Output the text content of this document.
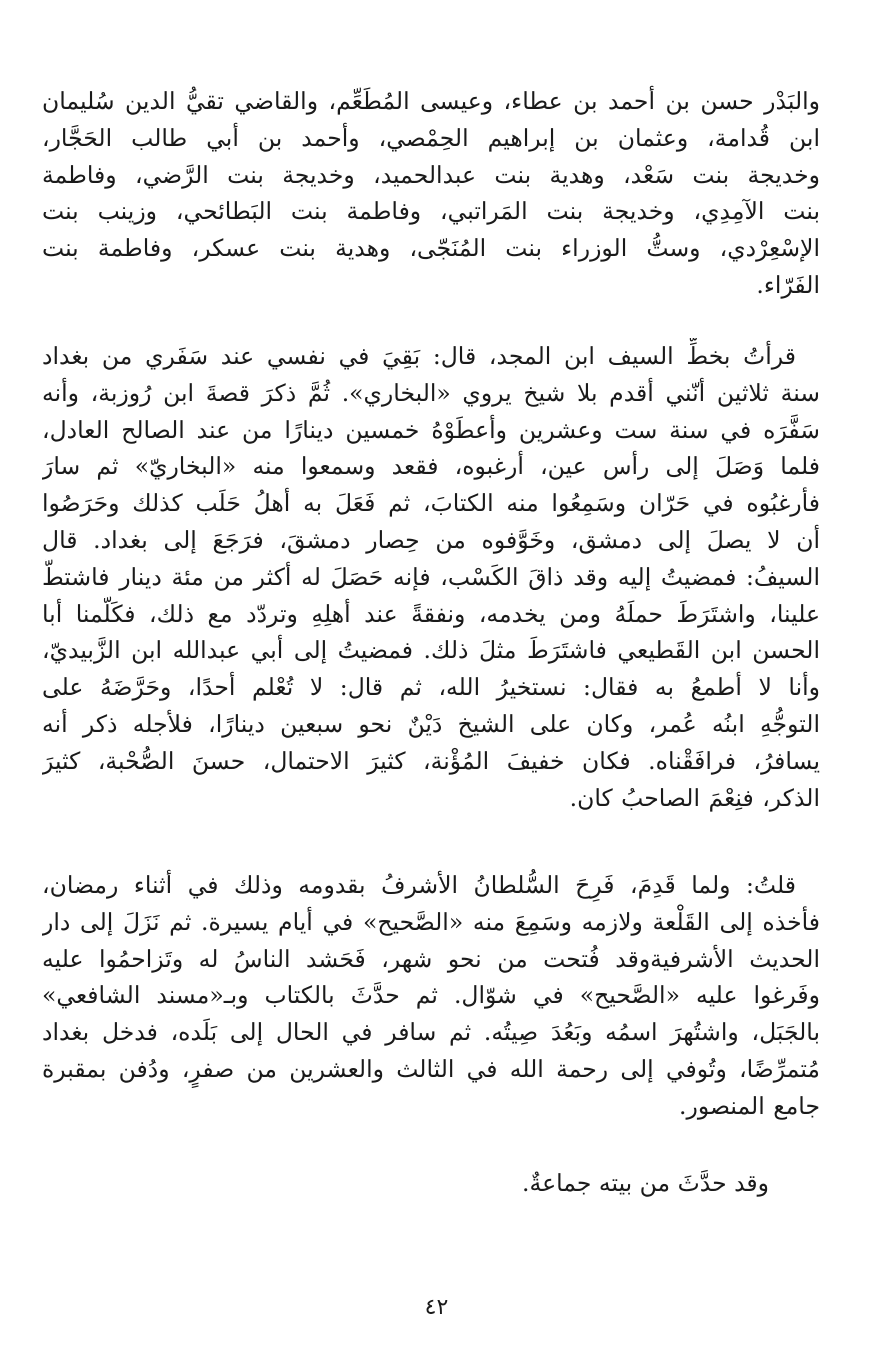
والبَدْر حسن بن أحمد بن عطاء، وعيسى المُطَعِّم، والقاضي تقيُّ الدين سُليمان
ابن قُدامة، وعثمان بن إبراهيم الحِمْصي، وأحمد بن أبي طالب الحَجَّار،
وخديجة بنت سَعْد، وهدية بنت عبدالحميد، وخديجة بنت الرَّضي، وفاطمة
بنت الآمِدِي، وخديجة بنت المَراتبي، وفاطمة بنت البَطائحي، وزينب بنت
الإسْعِرْدي، وستُّ الوزراء بنت المُنَجّى، وهدية بنت عسكر، وفاطمة بنت
الفَرّاء.
قرأتُ بخطِّ السيف ابن المجد، قال: بَقِيَ في نفسي عند سَفَري من بغداد
سنة ثلاثين أنّني أقدم بلا شيخ يروي «البخاري». ثُمَّ ذكرَ قصةَ ابن رُوزبة، وأنه
سَفَّرَه في سنة ست وعشرين وأعطَوْهُ خمسين دينارًا من عند الصالح العادل،
فلما وَصَلَ إلى رأس عين، أرغبوه، فقعد وسمعوا منه «البخاريّ» ثم سارَ
فأرغبُوه في حَرّان وسَمِعُوا منه الكتابَ، ثم فَعَلَ به أهلُ حَلَب كذلك وحَرَصُوا
أن لا يصلَ إلى دمشق، وخَوَّفوه من حِصار دمشقَ، فرَجَعَ إلى بغداد. قال
السيفُ: فمضيتُ إليه وقد ذاقَ الكَسْب، فإنه حَصَلَ له أكثر من مئة دينار فاشتطَّ
علينا، واشتَرَطَ حملَهُ ومن يخدمه، ونفقةً عند أهلِهِ وتردّد مع ذلك، فكَلَّمنا أبا
الحسن ابن القَطيعي فاشتَرَطَ مثلَ ذلك. فمضيتُ إلى أبي عبدالله ابن الزَّبيديّ،
وأنا لا أطمعُ به فقال: نستخيرُ الله، ثم قال: لا تُعْلم أحدًا، وحَرَّضَهُ على
التوجُّهِ ابنُه عُمر، وكان على الشيخ دَيْنٌ نحو سبعين دينارًا، فلأجله ذكر أنه
يسافرُ، فرافَقْناه. فكان خفيفَ المُؤْنة، كثيرَ الاحتمال، حسنَ الصُّحْبة، كثيرَ
الذكر، فنِعْمَ الصاحبُ كان.
قلتُ: ولما قَدِمَ، فَرِحَ السُّلطانُ الأشرفُ بقدومه وذلك في أثناء رمضان،
فأخذه إلى القَلْعة ولازمه وسَمِعَ منه «الصَّحيح» في أيام يسيرة. ثم نَزَلَ إلى دار
الحديث الأشرفيةوقد فُتحت من نحو شهر، فَحَشد الناسُ له وتَزاحمُوا عليه
وفَرغوا عليه «الصَّحيح» في شوّال. ثم حدَّثَ بالكتاب وبـ«مسند الشافعي»
بالجَبَل، واشتُهرَ اسمُه وبَعُدَ صِيتُه. ثم سافر في الحال إلى بَلَده، فدخل بغداد
مُتمرِّضًا، وتُوفي إلى رحمة الله في الثالث والعشرين من صفرٍ، ودُفن بمقبرة
جامع المنصور.
وقد حدَّثَ من بيته جماعةٌ.
٤٢
